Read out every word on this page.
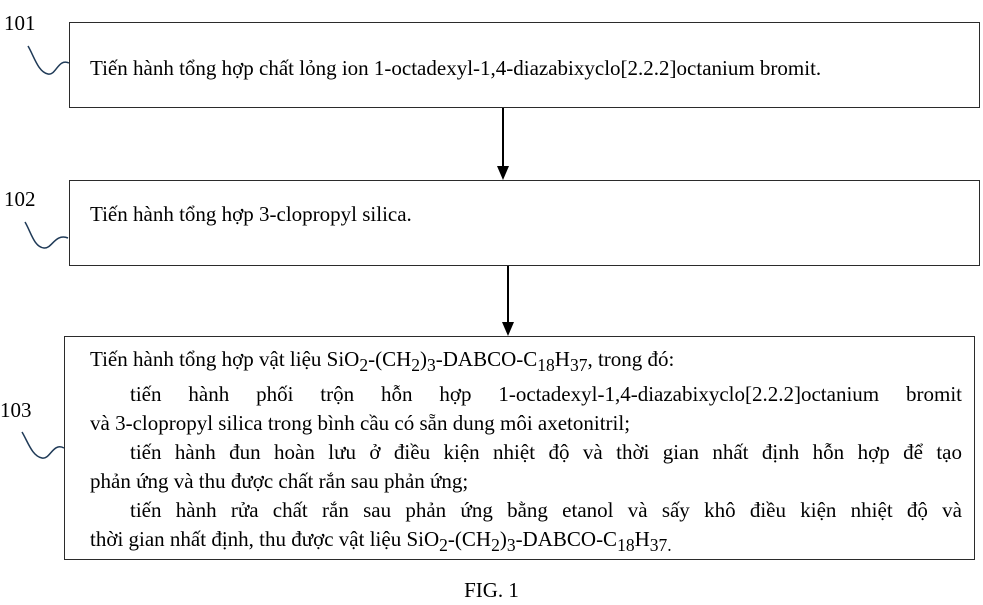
101
102
103
Tiến hành tổng hợp chất lỏng ion 1-octadexyl-1,4-diazabixyclo[2.2.2]octanium bromit.
Tiến hành tổng hợp 3-clopropyl silica.
Tiến hành tổng hợp vật liệu $SiO_2-(CH_2)_3-DABCO-C_{18}H_{37}$, trong đó:
tiến hành phối trộn hỗn hợp 1-octadexyl-1,4-diazabixyclo[2.2.2]octanium bromit
và 3-clopropyl silica trong bình cầu có sẵn dung môi axetonitril;
tiến hành đun hoàn lưu ở điều kiện nhiệt độ và thời gian nhất định hỗn hợp để tạo
phản ứng và thu được chất rắn sau phản ứng;
tiến hành rửa chất rắn sau phản ứng bằng etanol và sấy khô điều kiện nhiệt độ và
thời gian nhất định, thu được vật liệu $SiO_2-(CH_2)_3-DABCO-C_{18}H_{37.}$
FIG. 1
